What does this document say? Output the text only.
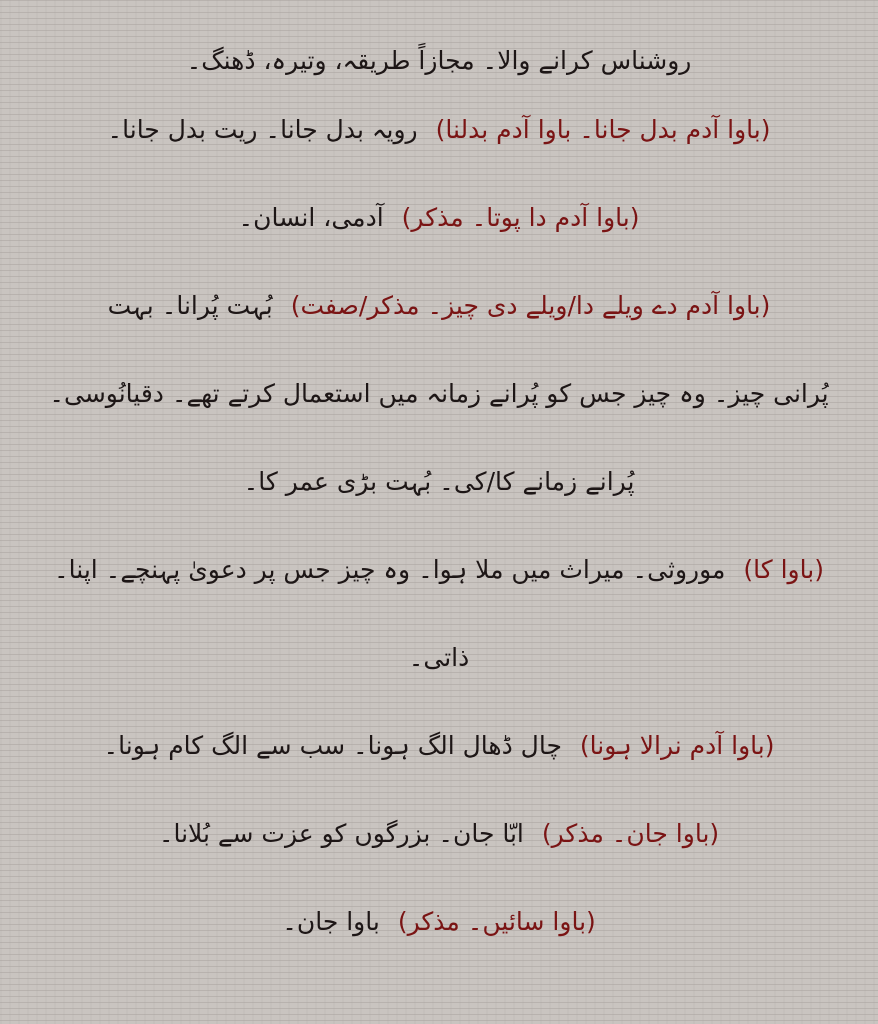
روشناس کرانے والا۔ مجازاً طریقہ، وتیرہ، ڈھنگ۔
(باوا آدم بدل جانا۔ باوا آدم بدلنا)رویہ بدل جانا۔ ریت بدل جانا۔
(باوا آدم دا پوتا۔ مذکر)آدمی، انسان۔
(باوا آدم دے ویلے دا/ویلے دی چیز۔ مذکر/صفت)بُہت پُرانا۔ بہت
پُرانی چیز۔ وہ چیز جس کو پُرانے زمانہ میں استعمال کرتے تھے۔ دقیانُوسی۔
پُرانے زمانے کا/کی۔ بُہت بڑی عمر کا۔
(باوا کا)موروثی۔ میراث میں ملا ہوا۔ وہ چیز جس پر دعویٰ پہنچے۔ اپنا۔
ذاتی۔
(باوا آدم نرالا ہونا)چال ڈھال الگ ہونا۔ سب سے الگ کام ہونا۔
(باوا جان۔ مذکر)ابّا جان۔ بزرگوں کو عزت سے بُلانا۔
(باوا سائیں۔ مذکر)باوا جان۔
